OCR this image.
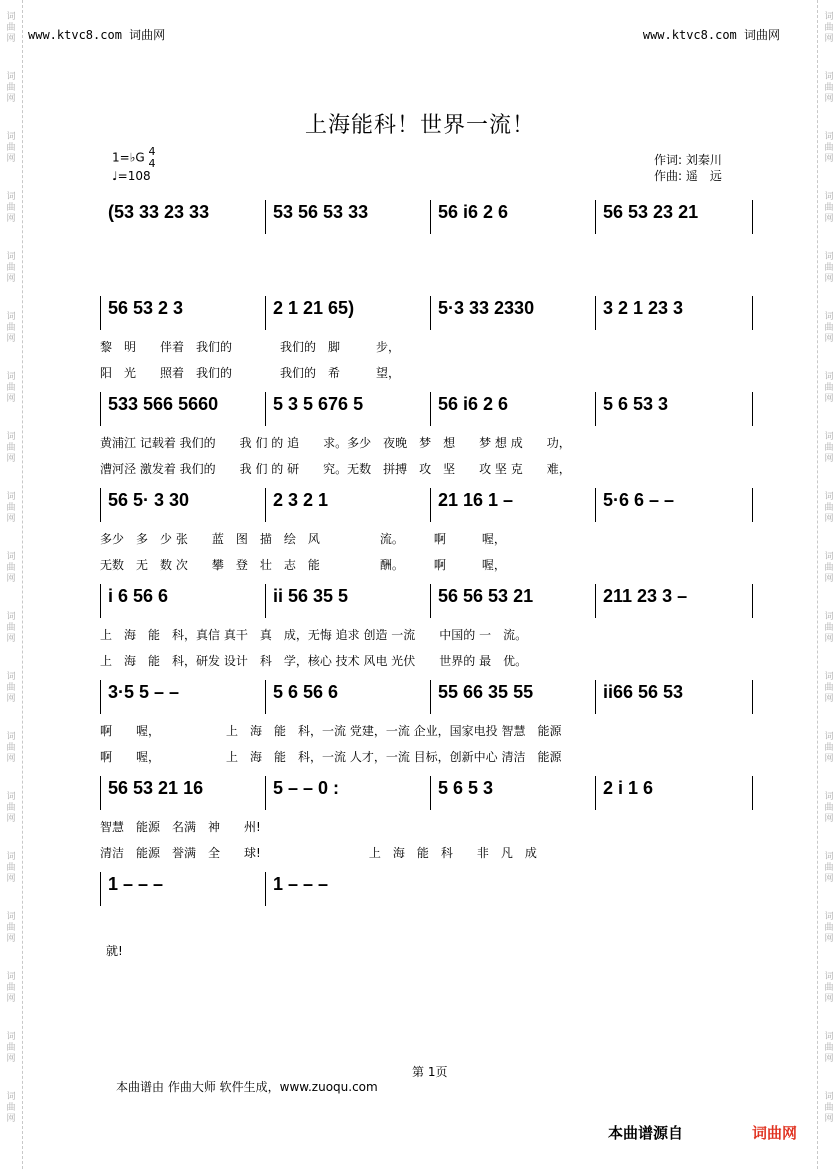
www.ktvc8.com 词曲网	www.ktvc8.com 词曲网
上海能科！世界一流！
1=♭G 4
4
♩=108
作词: 刘秦川
作曲: 遥　远
(53 33 23 33	53 56 53 33	56 i6 2 6	56 53 23 21
56 53 2 3	2 1 21 65)	5·3 33 2330	3 2 1 23 3
黎　明　　伴着　我们的　　　　我们的　脚　　　步，
阳　光　　照着　我们的　　　　我们的　希　　　望，
533 566 5660	5 3 5 676 5	56 i6 2 6	5 6 53 3
黄浦江 记载着 我们的　　我 们 的 追　　求。多少　夜晚　梦　想　　梦 想 成　　功，
漕河泾 激发着 我们的　　我 们 的 研　　究。无数　拼搏　攻　坚　　攻 坚 克　　难，
56 5· 3 30	2 3 2 1	21 16 1 –	5·6 6 – –
多少　多　少 张　　蓝　图　描　绘　风　　　　　流。　　　啊　　　喔，
无数　无　数 次　　攀　登　壮　志　能　　　　　酬。　　　啊　　　喔，
i 6 56 6	ii 56 35 5	56 56 53 21	211 23 3 –
上　海　能　科，真信 真干　真　成，无悔 追求 创造 一流　　中国的 一　流。
上　海　能　科，研发 设计　科　学，核心 技术 风电 光伏　　世界的 最　优。
3·5 5 – –	5 6 56 6	55 66 35 55	ii66 56 53
啊　　喔，　　　　　　上　海　能　科，一流 党建，一流 企业，国家电投 智慧　能源
啊　　喔，　　　　　　上　海　能　科，一流 人才，一流 目标，创新中心 清洁　能源
56 53 21 16	5 – – 0 :	5 6 5 3	2 i 1 6
智慧　能源　名满　神　　州!
清洁　能源　誉满　全　　球!　　　　　　　　　上　海　能　科　　非　凡　成
1 – – –	1 – – –
就!
第 1页
本曲谱由 作曲大师 软件生成，www.zuoqu.com
本曲谱源自	词曲网
词
曲
网
词
曲
网
词
曲
网
词
曲
网
词
曲
网
词
曲
网
词
曲
网
词
曲
网
词
曲
网
词
曲
网
词
曲
网
词
曲
网
词
曲
网
词
曲
网
词
曲
网
词
曲
网
词
曲
网
词
曲
网
词
曲
网
词
曲
网
词
曲
网
词
曲
网
词
曲
网
词
曲
网
词
曲
网
词
曲
网
词
曲
网
词
曲
网
词
曲
网
词
曲
网
词
曲
网
词
曲
网
词
曲
网
词
曲
网
词
曲
网
词
曲
网
词
曲
网
词
曲
网
